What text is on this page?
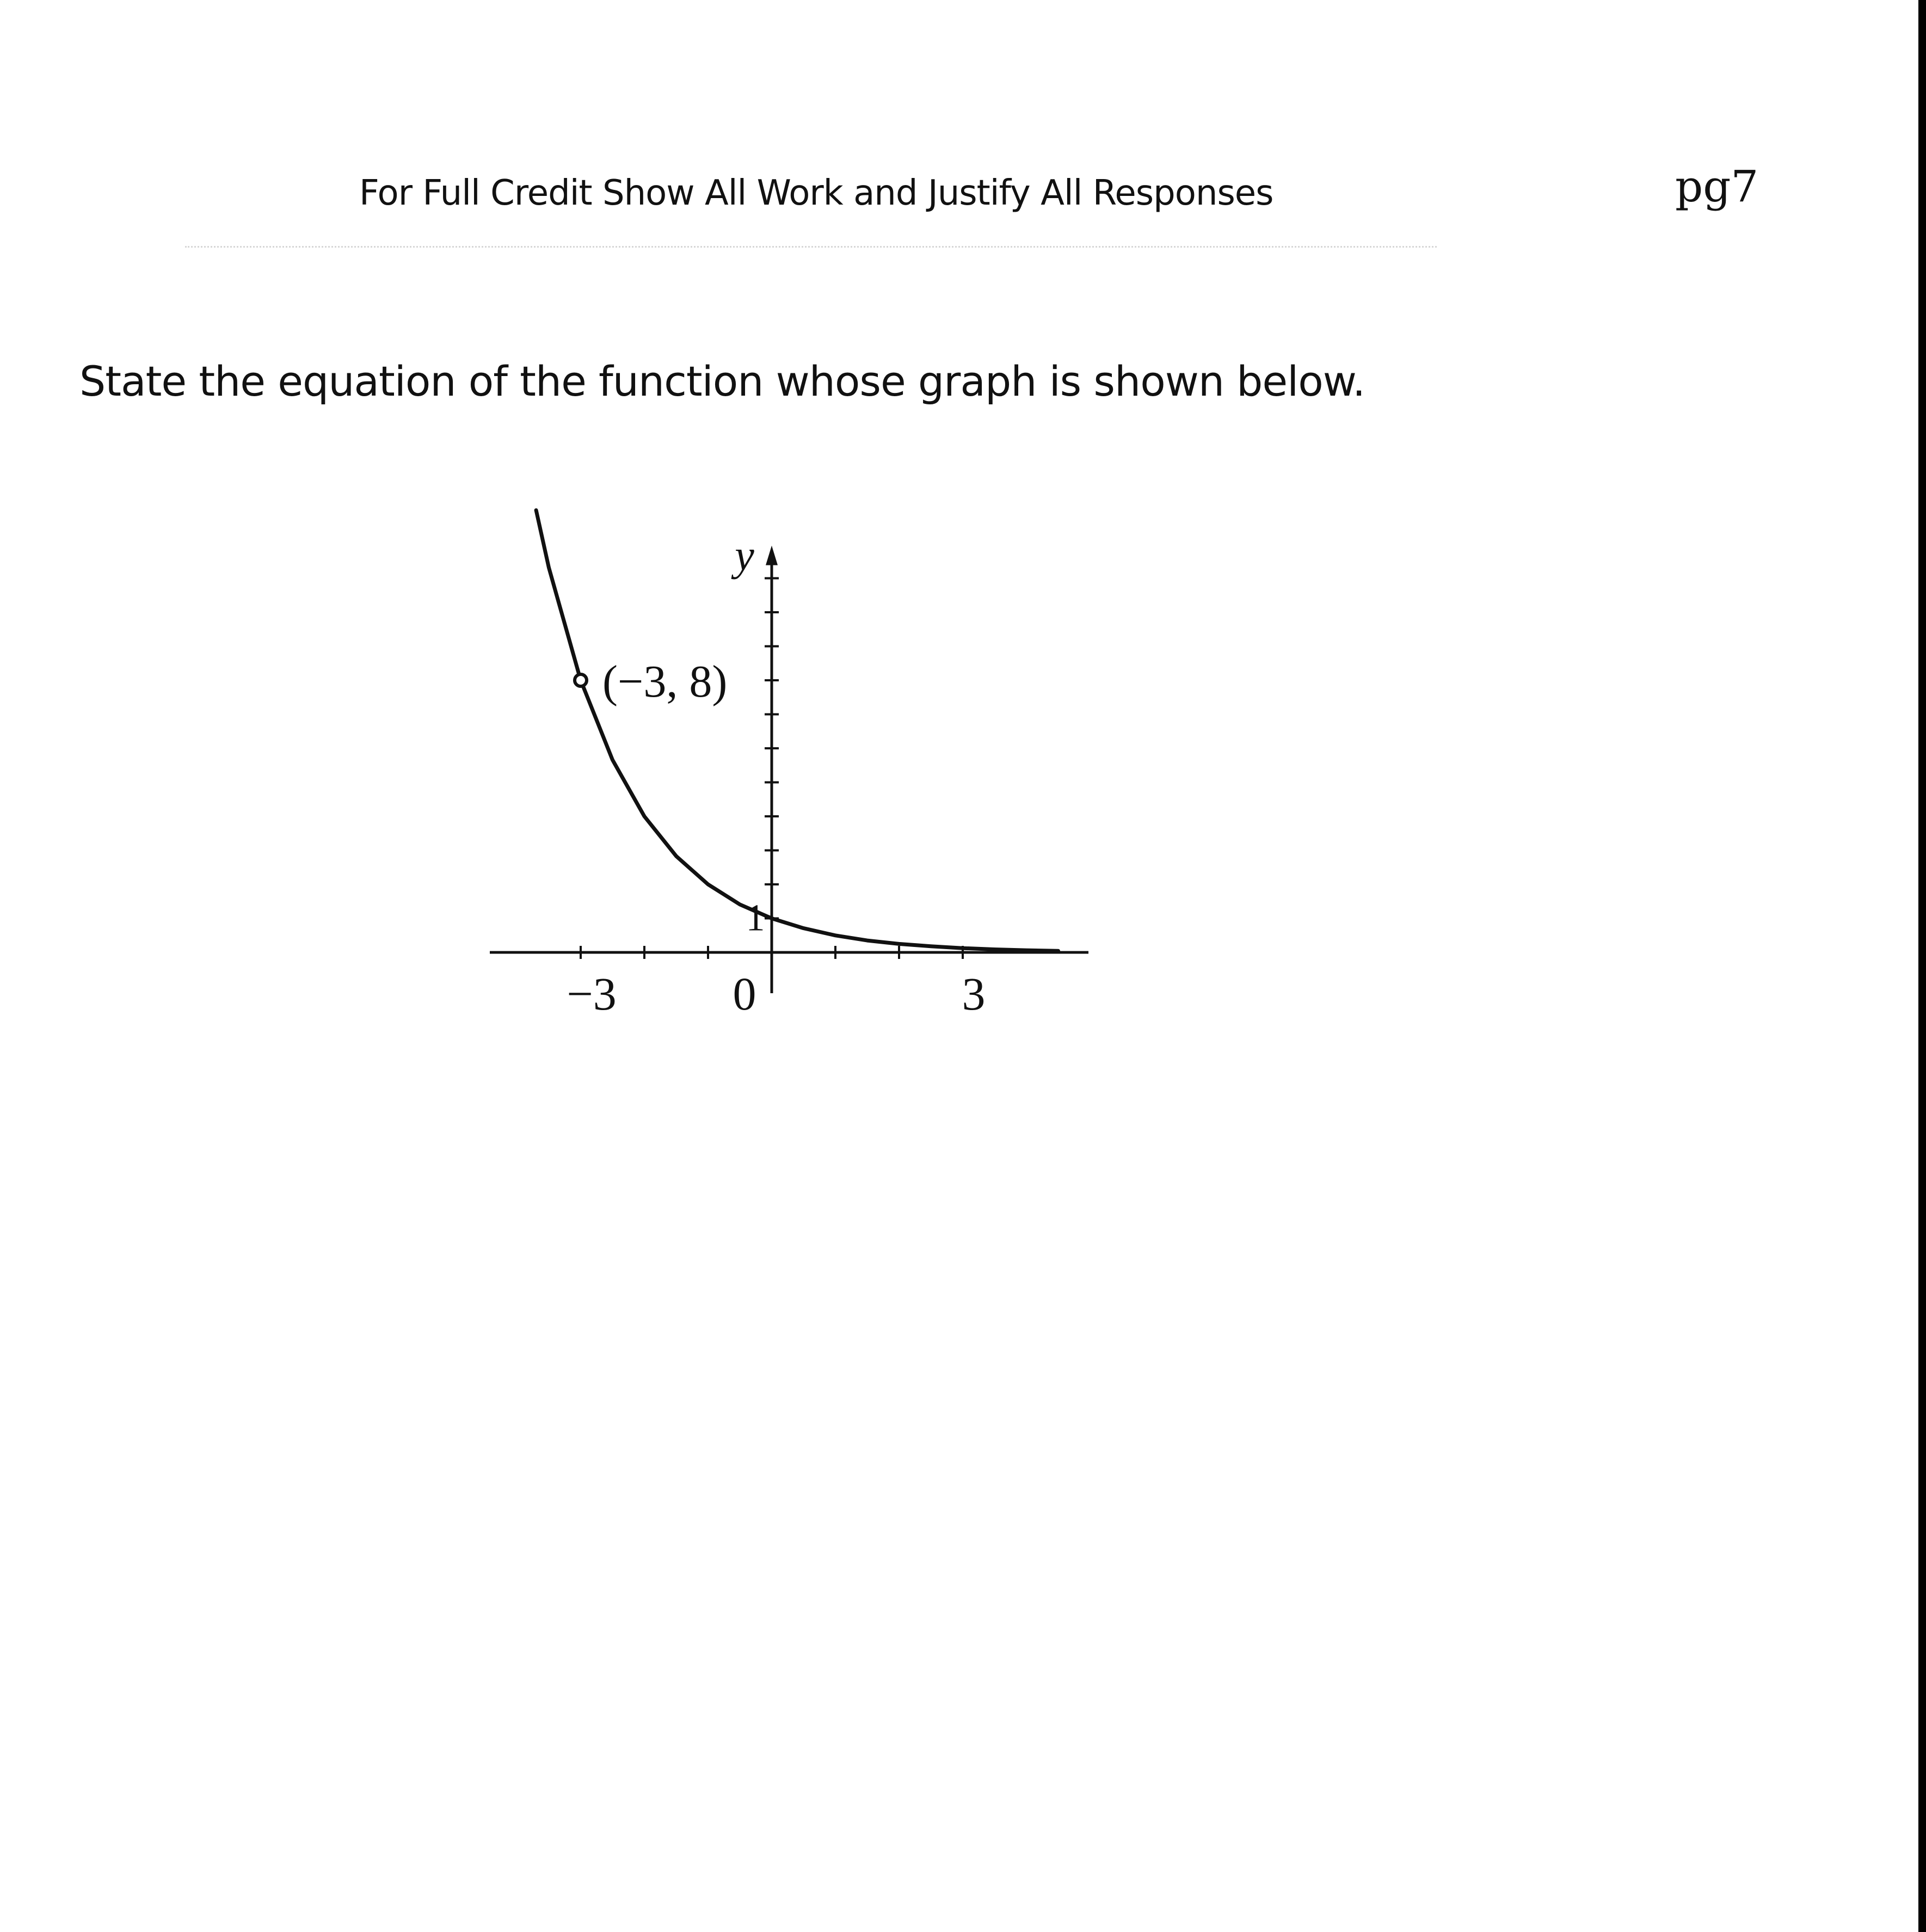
For Full Credit Show All Work and Justify All Responses	pg7
State the equation of the function whose graph is shown below.
−3 0	3
1
y
(−3, 8)
